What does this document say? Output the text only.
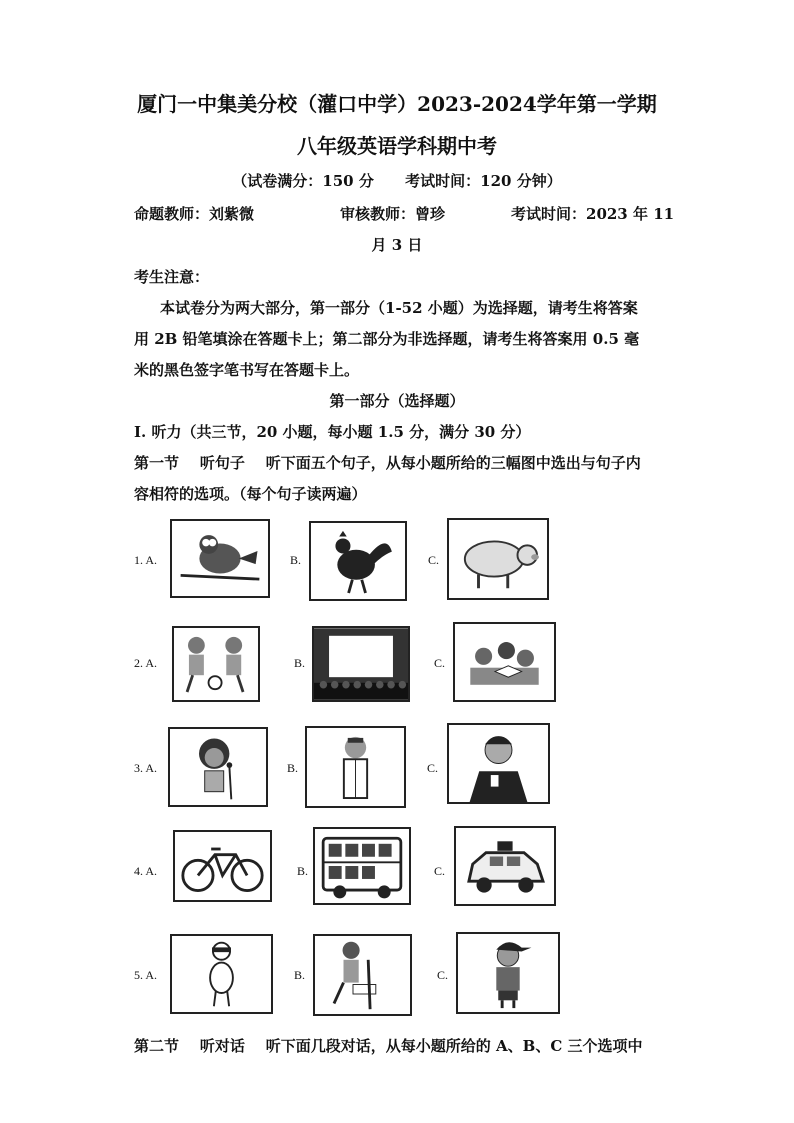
厦门一中集美分校（灌口中学）2023-2024学年第一学期
八年级英语学科期中考
（试卷满分：150 分      考试时间：120 分钟）
命题教师：刘紫微	审核教师：曾珍	考试时间：2023 年 11
月 3 日
考生注意：
本试卷分为两大部分，第一部分（1-52 小题）为选择题，请考生将答案
用 2B 铅笔填涂在答题卡上；第二部分为非选择题，请考生将答案用 0.5 毫
米的黑色签字笔书写在答题卡上。
第一部分（选择题）
I. 听力（共三节，20 小题，每小题 1.5 分，满分 30 分）
第一节    听句子    听下面五个句子，从每小题所给的三幅图中选出与句子内
容相符的选项。（每个句子读两遍）
1. A.	B.	C.
2. A.	B.	C.
3. A.	B.	C.
4. A.	B.	C.
5. A.	B.	C.
第二节    听对话    听下面几段对话，从每小题所给的 A、B、C 三个选项中
